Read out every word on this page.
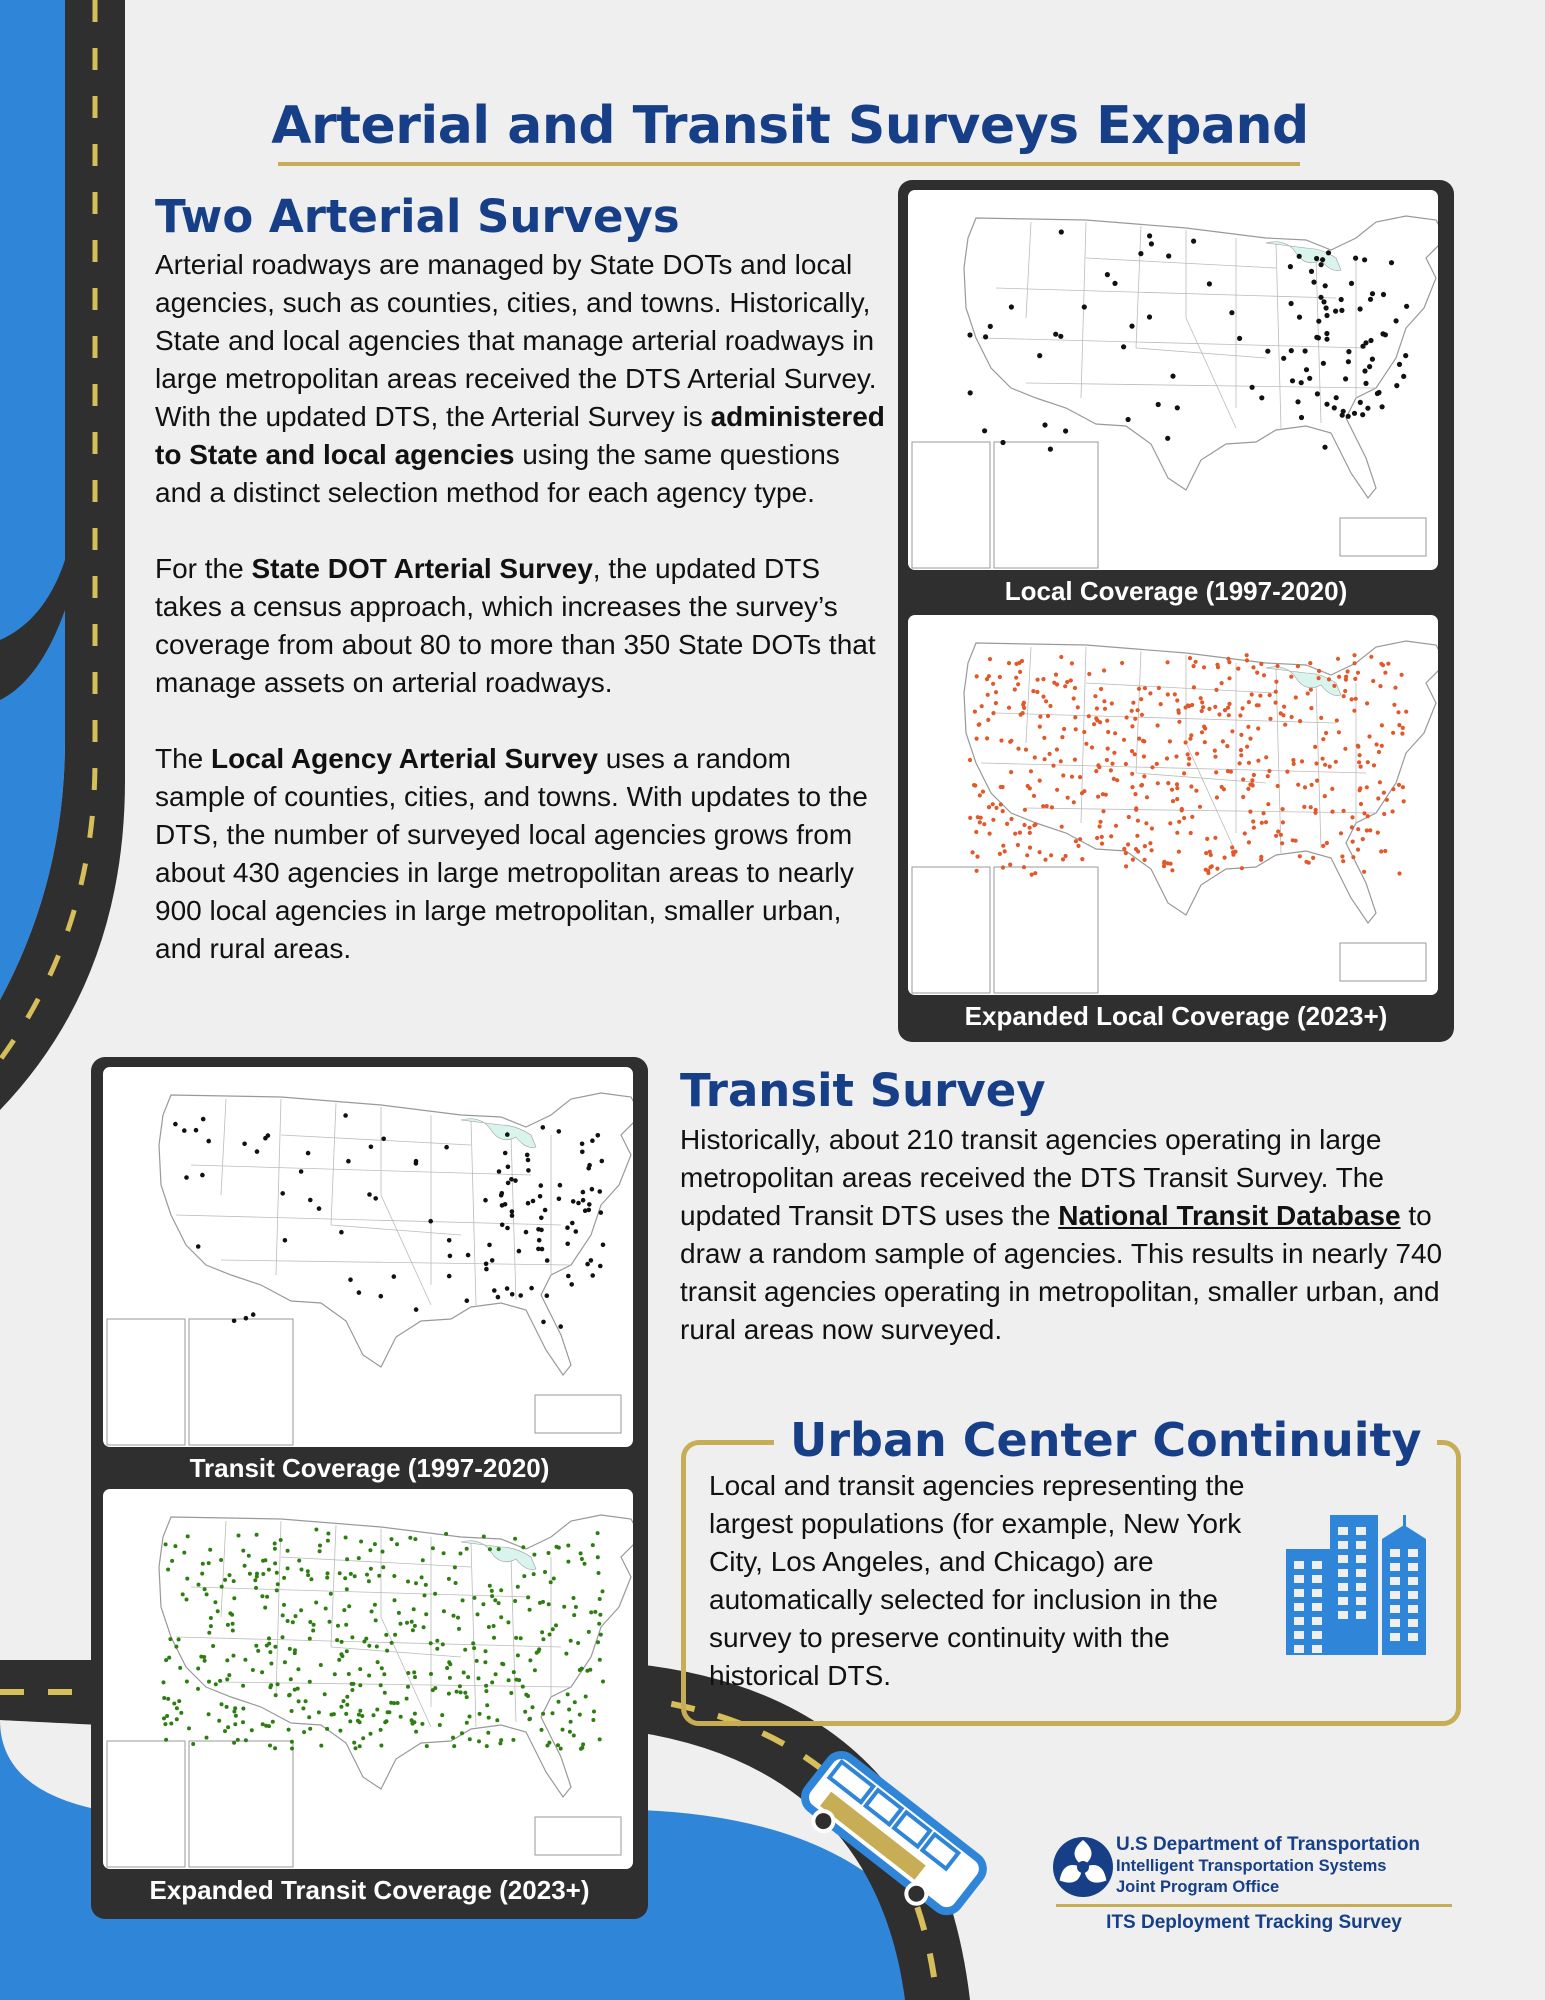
Arterial and Transit Surveys Expand
Two Arterial Surveys

Arterial roadways are managed by State DOTs and local agencies, such as counties, cities, and towns. Historically, State and local agencies that manage arterial roadways in large metropolitan areas received the DTS Arterial Survey. With the updated DTS, the Arterial Survey is administered to State and local agencies using the same questions and a distinct selection method for each agency type.

For the State DOT Arterial Survey, the updated DTS takes a census approach, which increases the survey’s coverage from about 80 to more than 350 State DOTs that manage assets on arterial roadways.

The Local Agency Arterial Survey uses a random sample of counties, cities, and towns. With updates to the DTS, the number of surveyed local agencies grows from about 430 agencies in large metropolitan areas to nearly 900 local agencies in large metropolitan, smaller urban, and rural areas.

Local Coverage (1997-2020)
Expanded Local Coverage (2023+)
Transit Coverage (1997-2020)
Expanded Transit Coverage (2023+)
Transit Survey

Historically, about 210 transit agencies operating in large metropolitan areas received the DTS Transit Survey. The updated Transit DTS uses the National Transit Database to draw a random sample of agencies. This results in nearly 740 transit agencies operating in metropolitan, smaller urban, and rural areas now surveyed.

Urban Center Continuity
Local and transit agencies representing the largest populations (for example, New York City, Los Angeles, and Chicago) are automatically selected for inclusion in the survey to preserve continuity with the historical DTS.
U.S Department of Transportation
Intelligent Transportation Systems
Joint Program Office
ITS Deployment Tracking Survey
